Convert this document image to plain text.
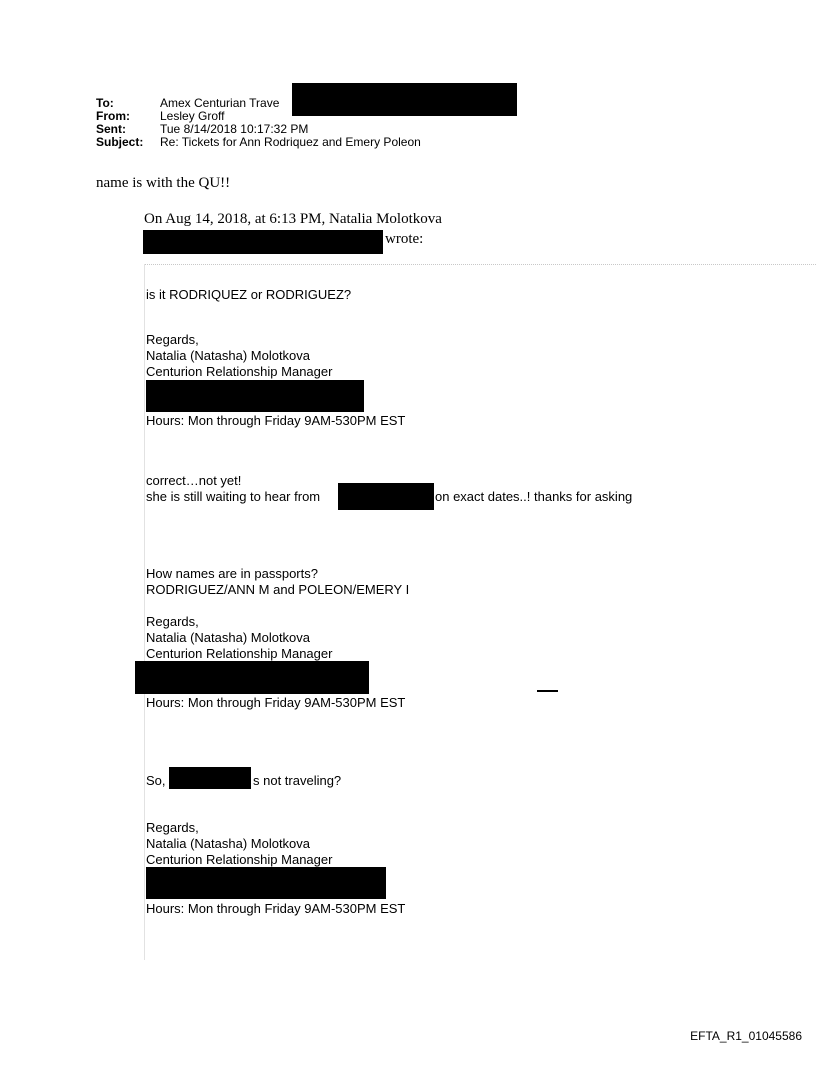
To:	Amex Centurian Trave
From:	Lesley Groff
Sent:	Tue 8/14/2018 10:17:32 PM
Subject: Re: Tickets for Ann Rodriquez and Emery Poleon
name is with the QU!!
On Aug 14, 2018, at 6:13 PM, Natalia Molotkova
wrote:
is it RODRIQUEZ or RODRIGUEZ?
Regards,
Natalia (Natasha) Molotkova
Centurion Relationship Manager
Hours: Mon through Friday 9AM-530PM EST
correct…not yet!
she is still waiting to hear from	on exact dates..! thanks for asking
How names are in passports?
RODRIGUEZ/ANN M and POLEON/EMERY I
Regards,
Natalia (Natasha) Molotkova
Centurion Relationship Manager
Hours: Mon through Friday 9AM-530PM EST
So,	s not traveling?
Regards,
Natalia (Natasha) Molotkova
Centurion Relationship Manager
Hours: Mon through Friday 9AM-530PM EST
EFTA_R1_01045586
